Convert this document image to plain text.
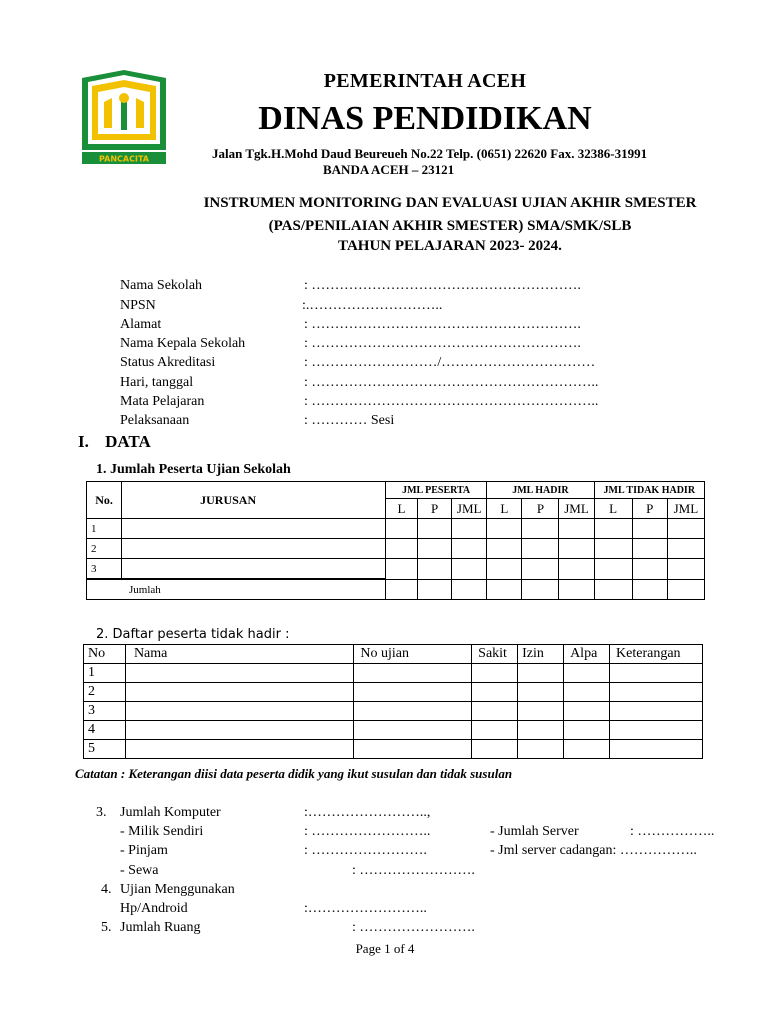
PANCACITA
PEMERINTAH ACEH
DINAS PENDIDIKAN
Jalan Tgk.H.Mohd Daud Beureueh No.22 Telp. (0651) 22620 Fax. 32386-31991
BANDA ACEH – 23121
INSTRUMEN MONITORING DAN EVALUASI UJIAN AKHIR SMESTER
(PAS/PENILAIAN AKHIR SMESTER) SMA/SMK/SLB
TAHUN PELAJARAN 2023- 2024.
Nama Sekolah	: ………………………………………………….
NPSN	:.………………………..
Alamat	: ………………………………………………….
Nama Kepala Sekolah	: ………………………………………………….
Status Akreditasi	: ………………………/……………………………
Hari, tanggal	: ……………………………………………………..
Mata Pelajaran	: ……………………………………………………..
Pelaksanaan	: ………… Sesi
I. DATA
1. Jumlah Peserta Ujian Sekolah
No.	JURUSAN	JML PESERTA			JML HADIR			JML TIDAK HADIR		
		L	P	JML	L	P	JML	L	P	JML
1										
2										
3										
Jumlah										
2. Daftar peserta tidak hadir :
No	Nama	No ujian	Sakit	Izin	Alpa	Keterangan
1						
2						
3						
4						
5						
Catatan : Keterangan diisi data peserta didik yang ikut susulan dan tidak susulan
3. Jumlah Komputer	:……………………..,
- Milik Sendiri	: ……………………..	- Jumlah Server	: ……………..
- Pinjam	: …………………….	- Jml server cadangan: ……………..
- Sewa	: …………………….
4. Ujian Menggunakan
Hp/Android	:……………………..
5. Jumlah Ruang	: …………………….
Page 1 of 4
